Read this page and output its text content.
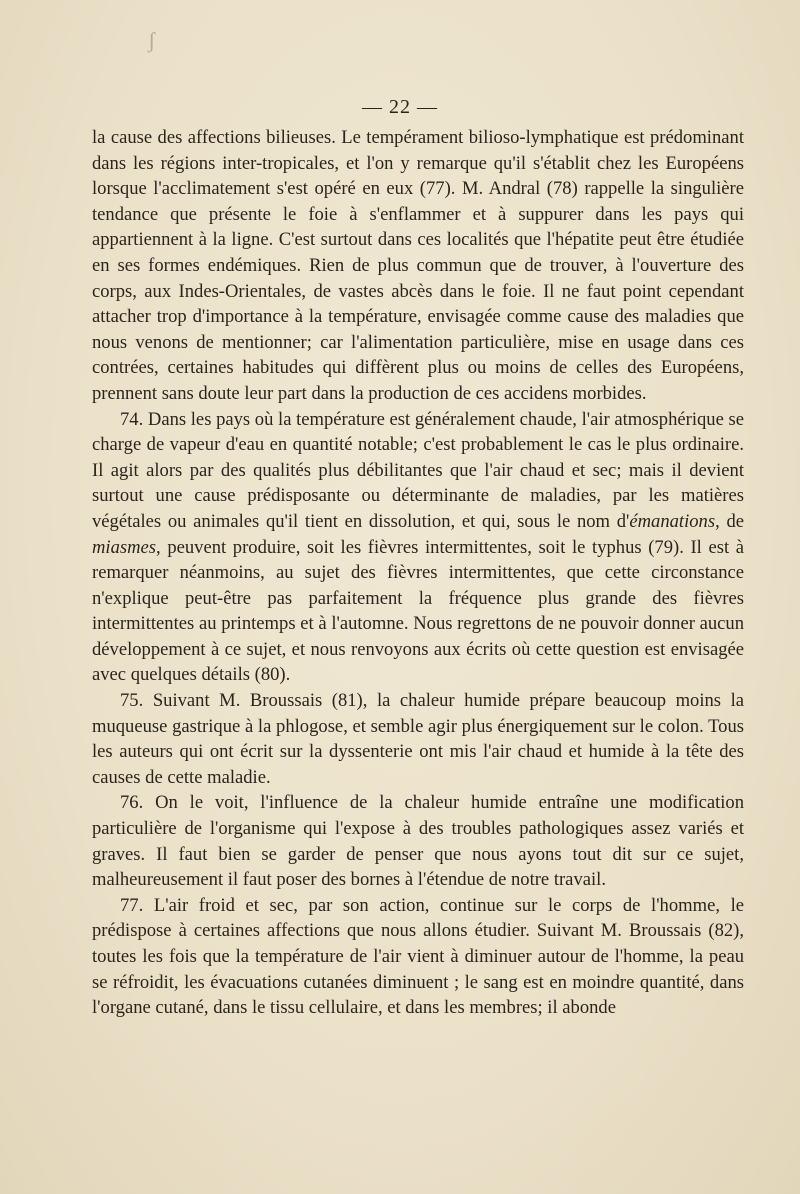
ʃ
— 22 —

la cause des affections bilieuses. Le tempérament bilioso-lymphatique est prédominant dans les régions inter-tropicales, et l'on y remarque qu'il s'établit chez les Européens lorsque l'acclimatement s'est opéré en eux (77). M. Andral (78) rappelle la singulière tendance que présente le foie à s'enflammer et à suppurer dans les pays qui appartiennent à la ligne. C'est surtout dans ces localités que l'hépatite peut être étudiée en ses formes endémiques. Rien de plus commun que de trouver, à l'ouverture des corps, aux Indes-Orientales, de vastes abcès dans le foie. Il ne faut point cependant attacher trop d'importance à la température, envisagée comme cause des maladies que nous venons de mentionner; car l'alimentation particulière, mise en usage dans ces contrées, certaines habitudes qui diffèrent plus ou moins de celles des Européens, prennent sans doute leur part dans la production de ces accidens morbides.

74. Dans les pays où la température est généralement chaude, l'air atmosphérique se charge de vapeur d'eau en quantité notable; c'est probablement le cas le plus ordinaire. Il agit alors par des qualités plus débilitantes que l'air chaud et sec; mais il devient surtout une cause prédisposante ou déterminante de maladies, par les matières végétales ou animales qu'il tient en dissolution, et qui, sous le nom d'émanations, de miasmes, peuvent produire, soit les fièvres intermittentes, soit le typhus (79). Il est à remarquer néanmoins, au sujet des fièvres intermittentes, que cette circonstance n'explique peut-être pas parfaitement la fréquence plus grande des fièvres intermittentes au printemps et à l'automne. Nous regrettons de ne pouvoir donner aucun développement à ce sujet, et nous renvoyons aux écrits où cette question est envisagée avec quelques détails (80).

75. Suivant M. Broussais (81), la chaleur humide prépare beaucoup moins la muqueuse gastrique à la phlogose, et semble agir plus énergiquement sur le colon. Tous les auteurs qui ont écrit sur la dyssenterie ont mis l'air chaud et humide à la tête des causes de cette maladie.

76. On le voit, l'influence de la chaleur humide entraîne une modification particulière de l'organisme qui l'expose à des troubles pathologiques assez variés et graves. Il faut bien se garder de penser que nous ayons tout dit sur ce sujet, malheureusement il faut poser des bornes à l'étendue de notre travail.

77. L'air froid et sec, par son action, continue sur le corps de l'homme, le prédispose à certaines affections que nous allons étudier. Suivant M. Broussais (82), toutes les fois que la température de l'air vient à diminuer autour de l'homme, la peau se réfroidit, les évacuations cutanées diminuent ; le sang est en moindre quantité, dans l'organe cutané, dans le tissu cellulaire, et dans les membres; il abonde
